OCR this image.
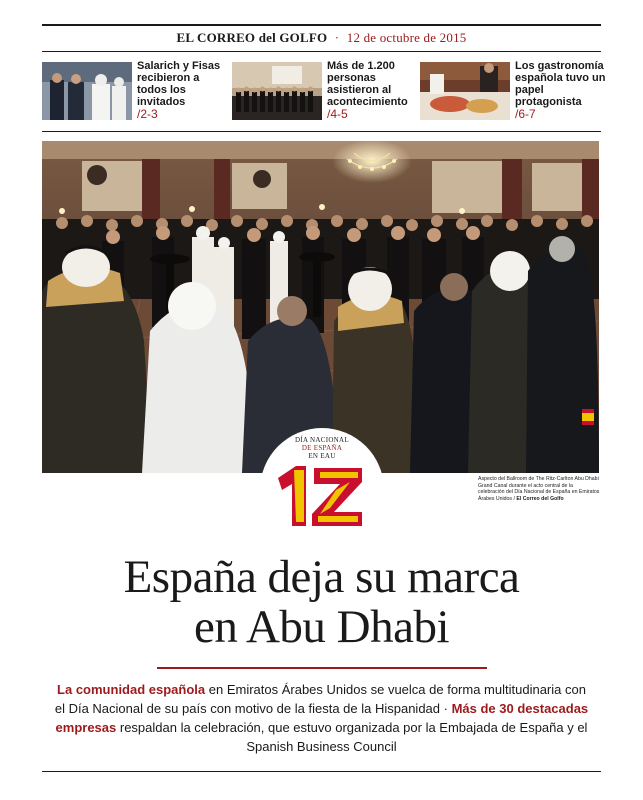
EL CORREO del GOLFO · 12 de octubre de 2015
Salarich y Fisas recibieron a todos los invitados
/2-3
Más de 1.200 personas asistieron al acontecimiento
/4-5
Los gastronomía española tuvo un papel protagonista
/6-7
DÍA NACIONAL
DE ESPAÑA
EN EAU
Aspecto del Ballroom de The Ritz-Carlton Abu Dhabi Grand Canal durante el acto central de la celebración del Día Nacional de España en Emiratos Árabes Unidos / El Correo del Golfo
España deja su marca
en Abu Dhabi
La comunidad española en Emiratos Árabes Unidos se vuelca de forma multitudinaria con el Día Nacional de su país con motivo de la fiesta de la Hispanidad · Más de 30 destacadas empresas respaldan la celebración, que estuvo organizada por la Embajada de España y el Spanish Business Council
